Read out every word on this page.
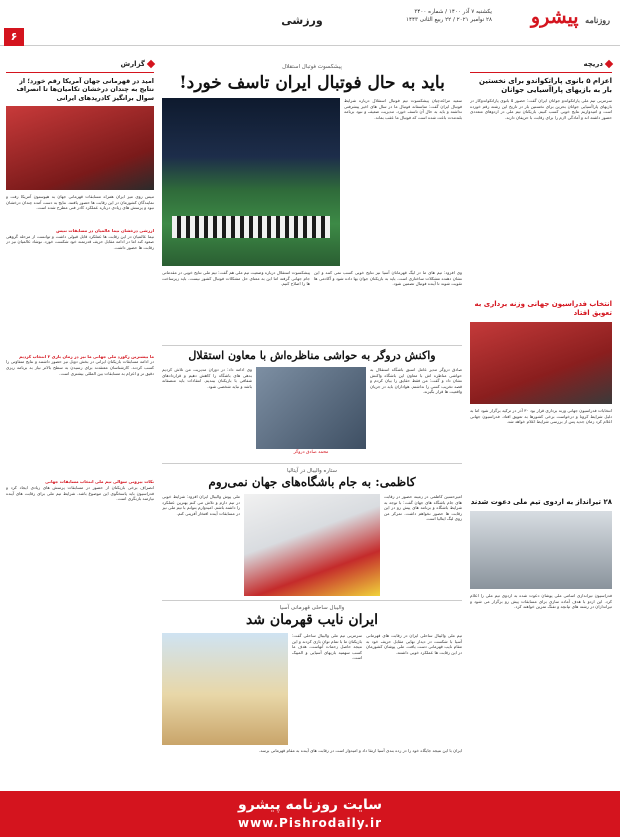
روزنامه پیشرو
یکشنبه ۷ آذر ۱۴۰۰ / شماره ۳۴۰۰
۲۸ نوامبر ۲۰۲۱ / ۲۲ ربیع الثانی ۱۴۴۳
ورزشی
۶
دریچه
اعزام ۵ بانوی پاراتکواندو برای نخستین بار به بازیهای پاراآسیایی جوانان

سرمربی تیم ملی پاراتکواندو جوانان ایران گفت: حضور ۵ بانوی پاراتکواندوکار در بازیهای پاراآسیایی جوانان بحرین برای نخستین بار در تاریخ این رشته رقم خورده است و امیدواریم نتایج خوبی کسب کنیم. بازیکنان تیم ملی در اردوهای متعددی حضور داشته اند و آمادگی لازم را برای رقابت با حریفان دارند.

انتخاب فدراسیون جهانی وزنه برداری به تعویق افتاد

انتخابات فدراسیون جهانی وزنه برداری قرار بود ۳۰ آذر در ترکیه برگزار شود اما به دلیل شرایط کرونا و درخواست برخی کشورها به تعویق افتاد. فدراسیون جهانی اعلام کرد زمان جدید پس از بررسی شرایط اعلام خواهد شد.

۲۸ تیرانداز به اردوی تیم ملی دعوت شدند

فدراسیون تیراندازی اسامی ملی پوشان دعوت شده به اردوی تیم ملی را اعلام کرد. این اردو با هدف آماده سازی برای مسابقات پیش رو برگزار می شود و تیراندازان در رشته های تپانچه و تفنگ تمرین خواهند کرد.

گزارش
امید در قهرمانی جهان آمریکا رقم خورد؛ از نتایج به چندان درخشان تکامیان‌ها تا انصراف سوال برانگیز کادرپدهای ایرانی

تنیس روی میز ایران همراه مسابقات قهرمانی جهان به هیوستون آمریکا رفت و نمایندگان کشورمان در این رقابت ها حضور یافتند. نتایج به دست آمده چندان درخشان نبود و پرسش های زیادی درباره عملکرد کادر فنی مطرح شده است.

ارزشی درخشان نیما عالمیان در مسابقات تنیس

نیما عالمیان در این رقابت ها عملکرد قابل قبولی داشت و توانست از مرحله گروهی صعود کند اما در ادامه مقابل حریف قدرتمند خود شکست خورد. نوشاد عالمیان نیز در رقابت ها حضور داشت.

ما بیشترین رکورد ملی جهانی ما نیز در زمان بازی ۲ انتخاب کردیم

در ادامه مسابقات بازیکنان ایرانی در بخش دوبل نیز حضور داشتند و نتایج متفاوتی را کسب کردند. کارشناسان معتقدند برای رسیدن به سطح بالاتر نیاز به برنامه ریزی دقیق تر و اعزام به مسابقات بین المللی بیشتری است.

نکات بیرونی سوالی تیم ملی انتخاب مسابقات جهانی

انصراف برخی بازیکنان از حضور در مسابقات پرسش های زیادی ایجاد کرد و فدراسیون باید پاسخگوی این موضوع باشد. شرایط تیم ملی برای رقابت های آینده نیازمند بازنگری است.

پیشکسوت فوتبال استقلال
باید به حال فوتبال ایران تاسف خورد!

سعید مراغه‌چیان پیشکسوت تیم فوتبال استقلال درباره شرایط فوتبال ایران گفت: متاسفانه فوتبال ما در سال های اخیر پیشرفتی نداشته و باید به حال آن تاسف خورد. مدیریت ضعیف و نبود برنامه بلندمدت باعث شده است که فوتبال ما عقب بماند.

وی افزود: تیم های ما در لیگ قهرمانان آسیا نیز نتایج خوبی کسب نمی کنند و این نشان دهنده مشکلات ساختاری است. باید به بازیکنان جوان بها داده شود و آکادمی ها تقویت شوند تا آینده فوتبال تضمین شود.

پیشکسوت استقلال درباره وضعیت تیم ملی هم گفت: تیم ملی نتایج خوبی در مقدماتی جام جهانی گرفته اما این به معنای حل مشکلات فوتبال کشور نیست. باید زیرساخت ها را اصلاح کنیم.

واکنش دروگر به حواشی مناظره‌اش با معاون استقلال

صادق دروگر مدیر عامل اسبق باشگاه استقلال به حواشی مناظره اش با معاون این باشگاه واکنش نشان داد و گفت: من فقط حقایق را بیان کردم و قصد تخریب کسی را نداشتم. هواداران باید در جریان واقعیت ها قرار بگیرند.

محمد صادق دروگر

وی ادامه داد: در دوران مدیریت من تلاش کردیم بدهی های باشگاه را کاهش دهیم و قراردادهای شفافی با بازیکنان ببندیم. انتقادات باید منصفانه باشد و نباید شخصی شود.

ستاره والیبال در آیتالیا
کاظمی: به جام باشگاه‌های جهان نمی‌روم

امیرحسین کاظمی در زمینه حضور در رقابت های جام باشگاه های جهان گفت: با توجه به شرایط باشگاه و برنامه های پیش رو در این رقابت ها حضور نخواهم داشت. تمرکز من روی لیگ ایتالیا است.

ملی پوش والیبال ایران افزود: شرایط خوبی در تیم دارم و تلاش می کنم بهترین عملکرد را داشته باشم. امیدوارم بتوانم با تیم ملی نیز در مسابقات آینده افتخار آفرینی کنم.

والیبال ساحلی قهرمانی آسیا
ایران نایب قهرمان شد

تیم ملی والیبال ساحلی ایران در رقابت های قهرمانی آسیا با شکست در دیدار نهایی مقابل حریف خود به مقام نایب قهرمانی دست یافت. ملی پوشان کشورمان در این رقابت ها عملکرد خوبی داشتند.

سرمربی تیم ملی والیبال ساحلی گفت: بازیکنان ما با تمام توان بازی کردند و این نتیجه حاصل زحمات آنهاست. هدف ما کسب سهمیه بازیهای آسیایی و المپیک است.

ایران با این نتیجه جایگاه خود را در رده بندی آسیا ارتقا داد و امیدوار است در رقابت های آینده به مقام قهرمانی برسد.

سایت روزنامه پیشرو
www.Pishrodaily.ir
